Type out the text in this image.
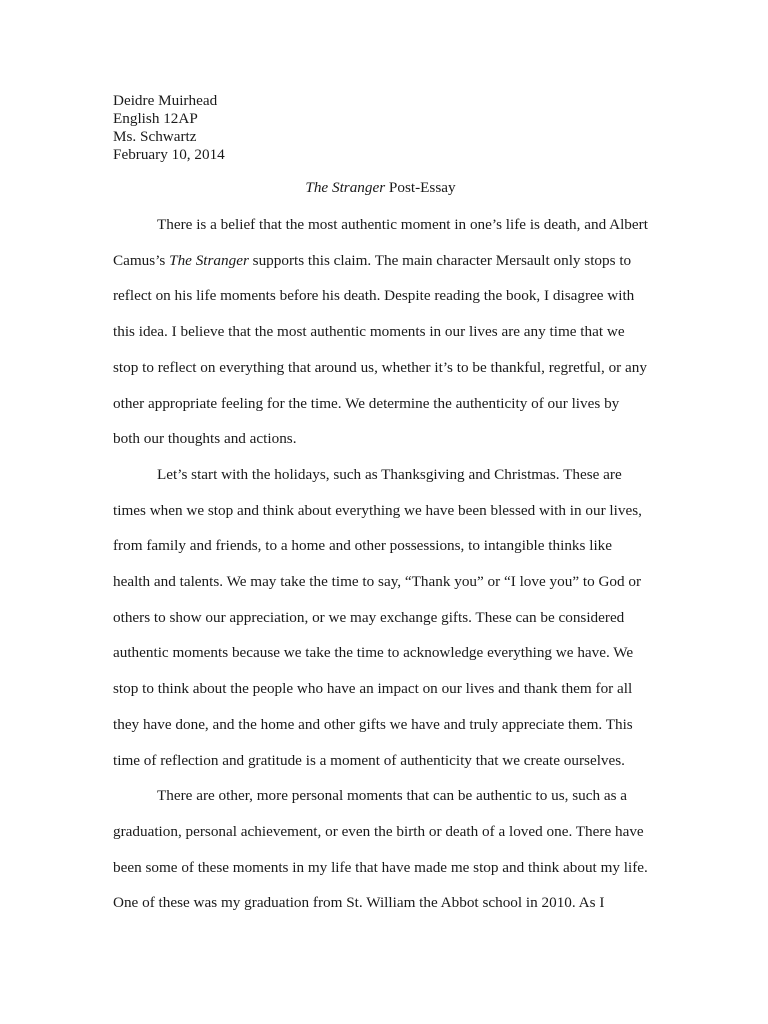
Deidre Muirhead
English 12AP
Ms. Schwartz
February 10, 2014
The Stranger Post-Essay

There is a belief that the most authentic moment in one’s life is death, and Albert Camus’s The Stranger supports this claim. The main character Mersault only stops to reflect on his life moments before his death. Despite reading the book, I disagree with this idea. I believe that the most authentic moments in our lives are any time that we stop to reflect on everything that around us, whether it’s to be thankful, regretful, or any other appropriate feeling for the time. We determine the authenticity of our lives by both our thoughts and actions.

Let’s start with the holidays, such as Thanksgiving and Christmas. These are times when we stop and think about everything we have been blessed with in our lives, from family and friends, to a home and other possessions, to intangible thinks like health and talents. We may take the time to say, “Thank you” or “I love you” to God or others to show our appreciation, or we may exchange gifts. These can be considered authentic moments because we take the time to acknowledge everything we have. We stop to think about the people who have an impact on our lives and thank them for all they have done, and the home and other gifts we have and truly appreciate them. This time of reflection and gratitude is a moment of authenticity that we create ourselves.

There are other, more personal moments that can be authentic to us, such as a graduation, personal achievement, or even the birth or death of a loved one. There have been some of these moments in my life that have made me stop and think about my life. One of these was my graduation from St. William the Abbot school in 2010. As I
